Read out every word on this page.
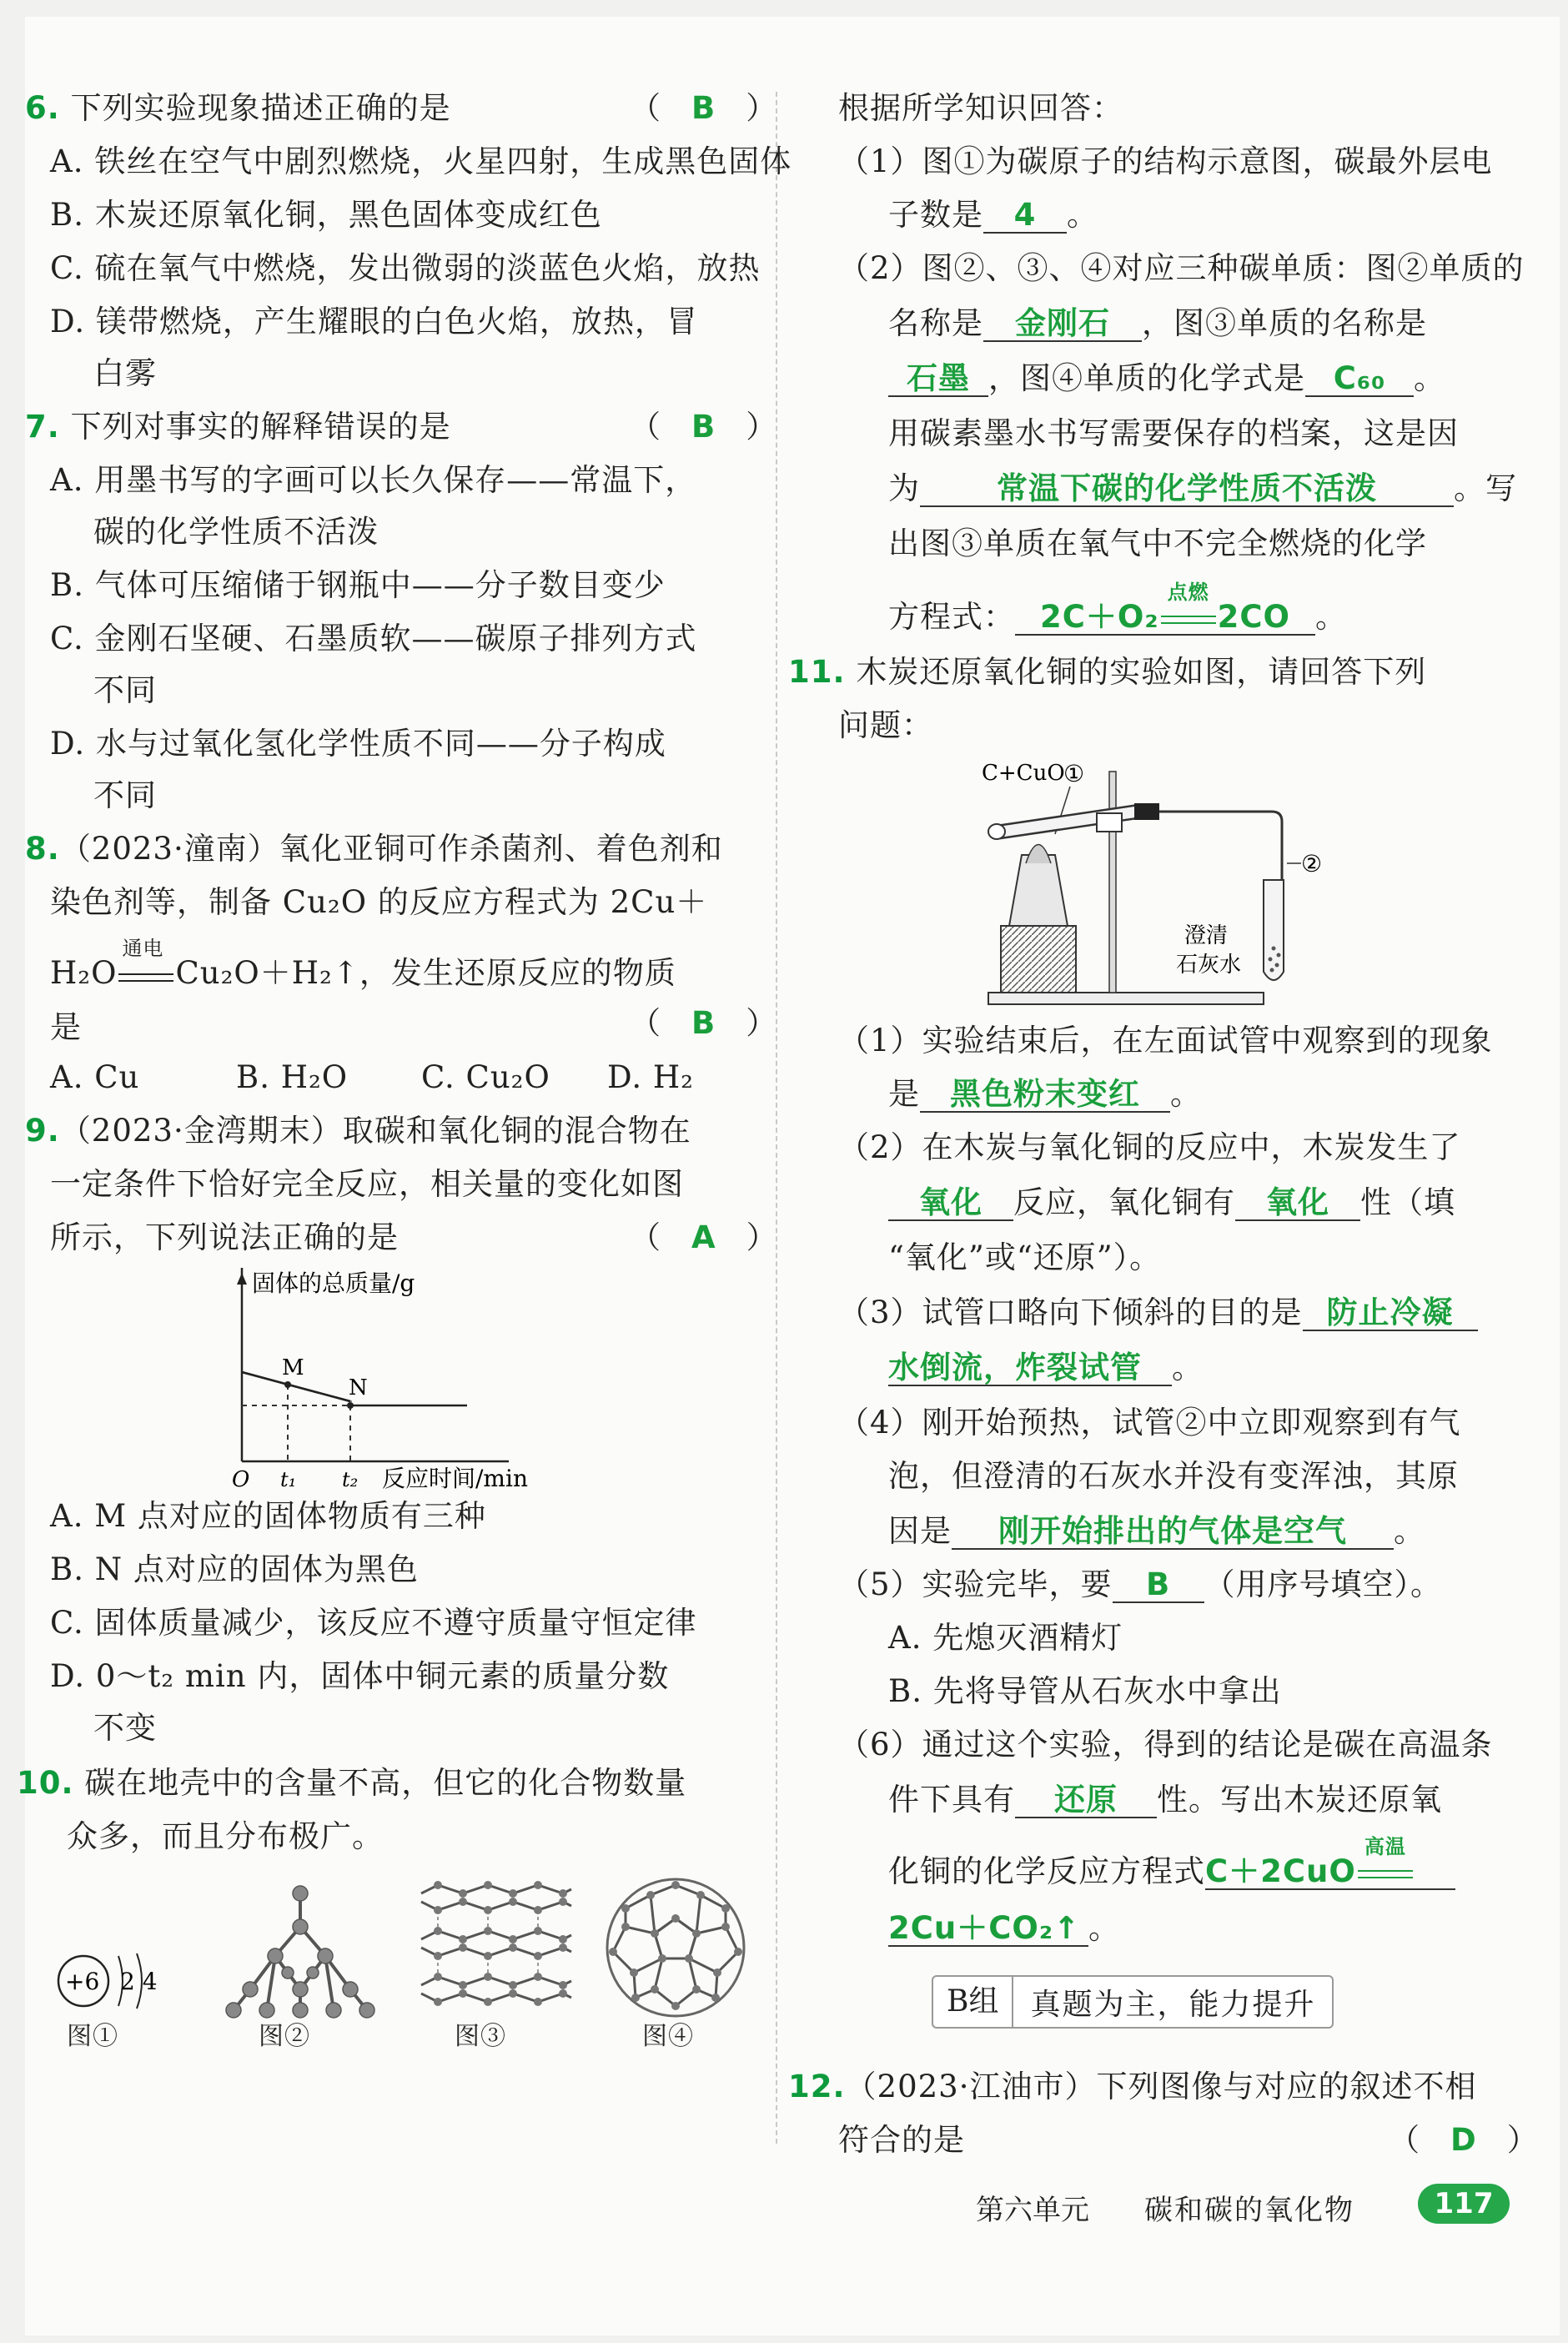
6. 下列实验现象描述正确的是	（　B　）
A. 铁丝在空气中剧烈燃烧，火星四射，生成黑色固体
B. 木炭还原氧化铜，黑色固体变成红色
C. 硫在氧气中燃烧，发出微弱的淡蓝色火焰，放热
D. 镁带燃烧，产生耀眼的白色火焰，放热，冒
白雾
7. 下列对事实的解释错误的是	（　B　）
A. 用墨书写的字画可以长久保存——常温下，
碳的化学性质不活泼
B. 气体可压缩储于钢瓶中——分子数目变少
C. 金刚石坚硬、石墨质软——碳原子排列方式
不同
D. 水与过氧化氢化学性质不同——分子构成
不同
8.（2023·潼南）氧化亚铜可作杀菌剂、着色剂和
染色剂等，制备 Cu₂O 的反应方程式为 2Cu＋
H₂O
通电
Cu₂O＋H₂↑，发生还原反应的物质
是	（　B　）
A. Cu	B. H₂O C. Cu₂O D. H₂
9.（2023·金湾期末）取碳和氧化铜的混合物在
一定条件下恰好完全反应，相关量的变化如图
所示，下列说法正确的是	（　A　）
固体的总质量/g
M
N
O t₁ t₂ 反应时间/min
A. M 点对应的固体物质有三种
B. N 点对应的固体为黑色
C. 固体质量减少，该反应不遵守质量守恒定律
D. 0～t₂ min 内，固体中铜元素的质量分数
不变
10. 碳在地壳中的含量不高，但它的化合物数量
众多，而且分布极广。
+6 2 4
图①	图②	图③	图④
根据所学知识回答：
（1）图①为碳原子的结构示意图，碳最外层电
子数是 4 。
（2）图②、③、④对应三种碳单质：图②单质的
名称是 金刚石 ，图③单质的名称是
石墨 ，图④单质的化学式是 C₆₀ 。
用碳素墨水书写需要保存的档案，这是因
为 常温下碳的化学性质不活泼 。写
出图③单质在氧气中不完全燃烧的化学
方程式： 2C＋O₂
点燃
2CO 。
11. 木炭还原氧化铜的实验如图，请回答下列
问题：
C+CuO
①
②
澄清
石灰水
（1）实验结束后，在左面试管中观察到的现象
是 黑色粉末变红 。
（2）在木炭与氧化铜的反应中，木炭发生了
氧化 反应，氧化铜有 氧化 性（填
“氧化”或“还原”）。
（3）试管口略向下倾斜的目的是 防止冷凝
水倒流，炸裂试管 。
（4）刚开始预热，试管②中立即观察到有气
泡，但澄清的石灰水并没有变浑浊，其原
因是 刚开始排出的气体是空气 。
（5）实验完毕，要 B （用序号填空）。
A. 先熄灭酒精灯
B. 先将导管从石灰水中拿出
（6）通过这个实验，得到的结论是碳在高温条
件下具有 还原 性。写出木炭还原氧
化铜的化学反应方程式C＋2CuO
高温

2Cu＋CO₂↑ 。
B组	真题为主，能力提升
12.（2023·江油市）下列图像与对应的叙述不相
符合的是	（　D　）
第六单元 碳和碳的氧化物	117
